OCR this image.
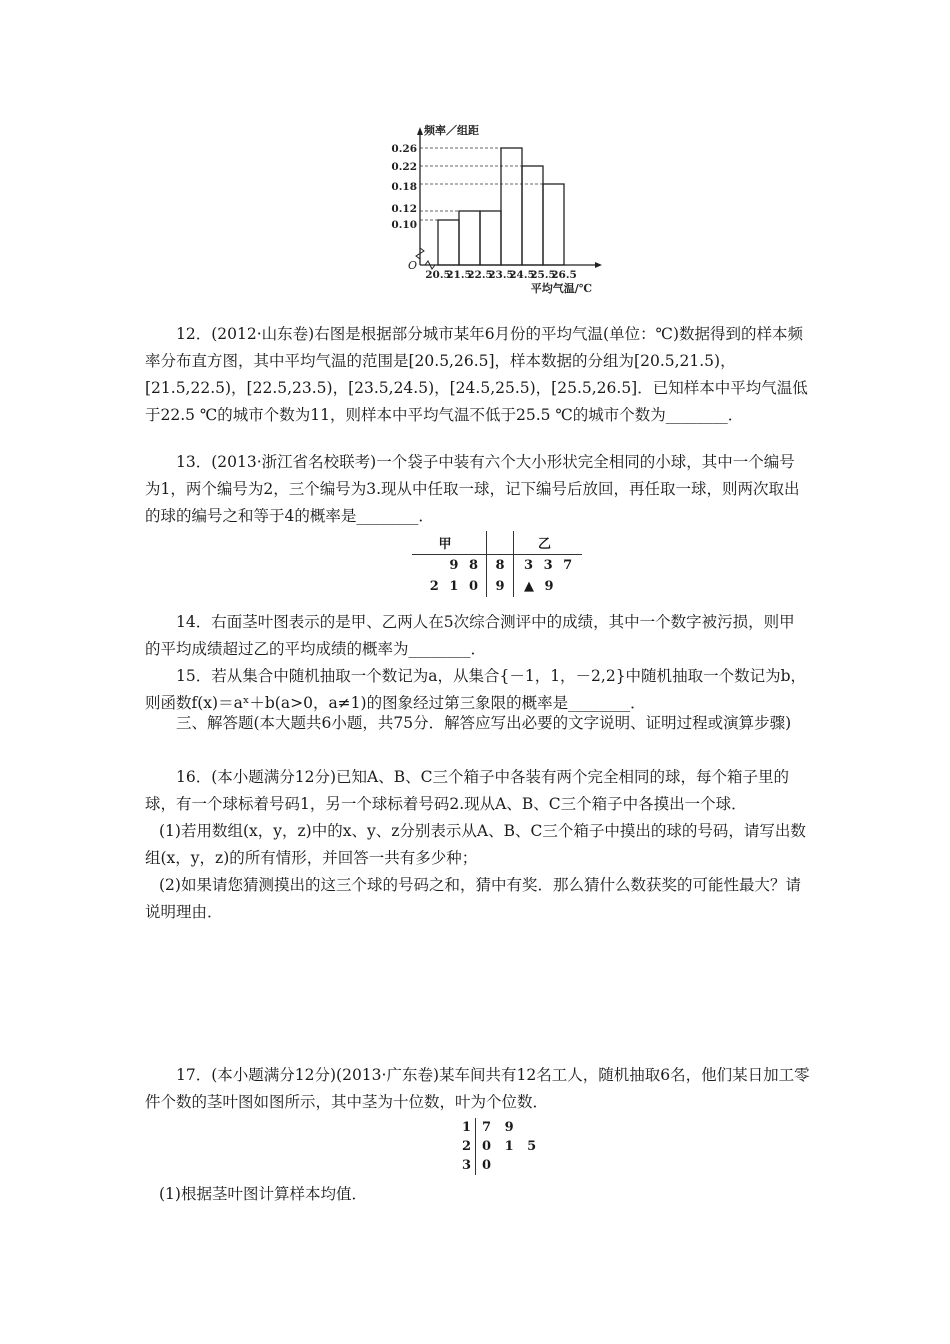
频率／组距
O
0.10
0.12
0.18
0.22
0.26
20.5
21.5
22.5
23.5
24.5
25.5
26.5
平均气温/℃

12．(2012·山东卷)右图是根据部分城市某年6月份的平均气温(单位：℃)数据得到的样本频率分布直方图，其中平均气温的范围是[20.5,26.5]，样本数据的分组为[20.5,21.5)，[21.5,22.5)，[22.5,23.5)，[23.5,24.5)，[24.5,25.5)，[25.5,26.5]．已知样本中平均气温低于22.5 ℃的城市个数为11，则样本中平均气温不低于25.5 ℃的城市个数为________．

13．(2013·浙江省名校联考)一个袋子中装有六个大小形状完全相同的小球，其中一个编号为1，两个编号为2，三个编号为3.现从中任取一球，记下编号后放回，再任取一球，则两次取出的球的编号之和等于4的概率是________．

甲		乙
9 8	8	3 3 7
2 1 0	9	▲ 9

14．右面茎叶图表示的是甲、乙两人在5次综合测评中的成绩，其中一个数字被污损，则甲的平均成绩超过乙的平均成绩的概率为________．

15．若从集合中随机抽取一个数记为a，从集合{－1，1，－2,2}中随机抽取一个数记为b，则函数f(x)＝aˣ＋b(a>0，a≠1)的图象经过第三象限的概率是________．

三、解答题(本大题共6小题，共75分．解答应写出必要的文字说明、证明过程或演算步骤)

16．(本小题满分12分)已知A、B、C三个箱子中各装有两个完全相同的球，每个箱子里的球，有一个球标着号码1，另一个球标着号码2.现从A、B、C三个箱子中各摸出一个球．

(1)若用数组(x，y，z)中的x、y、z分别表示从A、B、C三个箱子中摸出的球的号码，请写出数组(x，y，z)的所有情形，并回答一共有多少种；

(2)如果请您猜测摸出的这三个球的号码之和，猜中有奖．那么猜什么数获奖的可能性最大？请说明理由．

17．(本小题满分12分)(2013·广东卷)某车间共有12名工人，随机抽取6名，他们某日加工零件个数的茎叶图如图所示，其中茎为十位数，叶为个位数．

1	7 9
2	0 1 5
3	0

(1)根据茎叶图计算样本均值．
